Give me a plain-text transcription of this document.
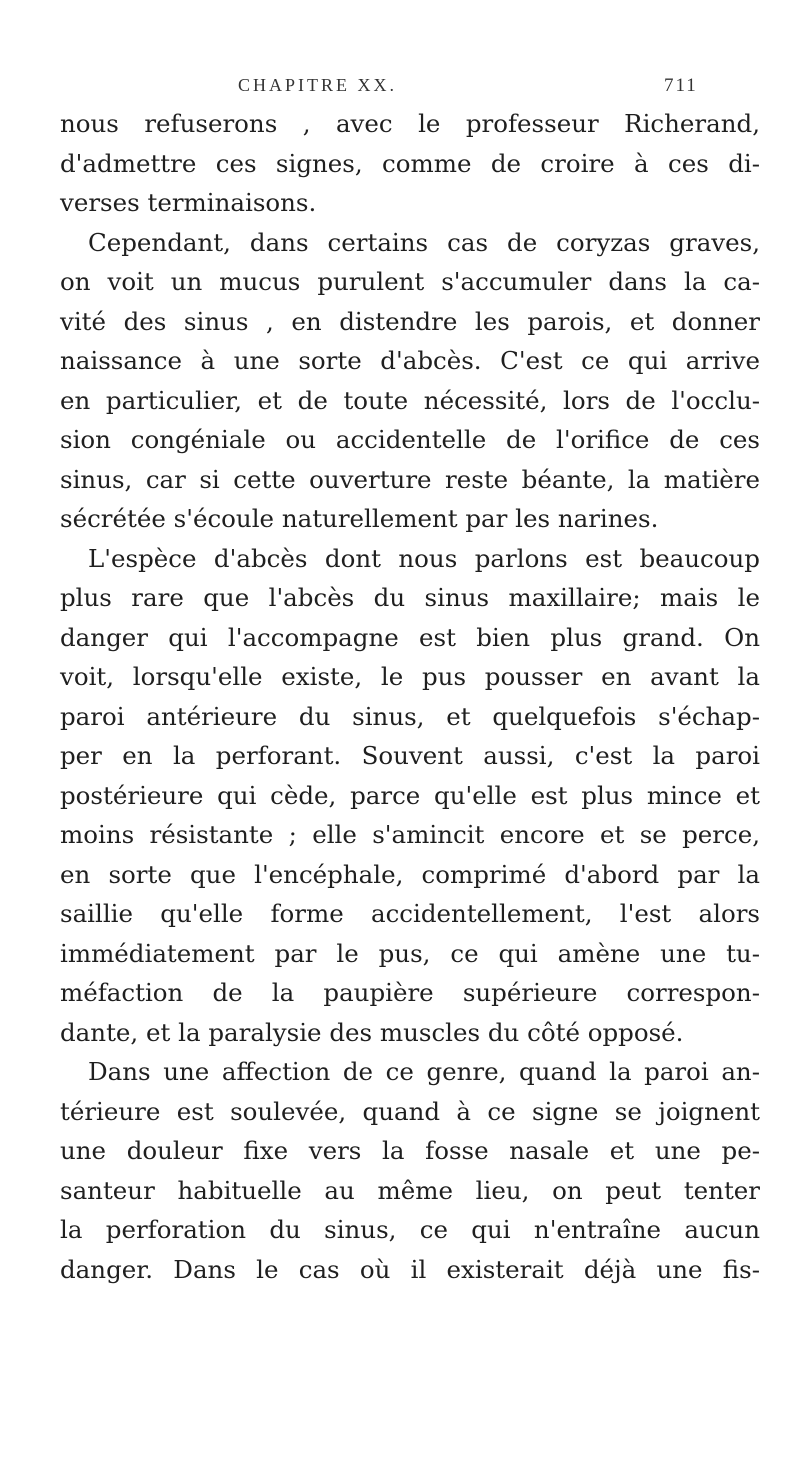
CHAPITRE XX.	711
nous refuserons , avec le professeur Richerand,
d'admettre ces signes, comme de croire à ces di-
verses terminaisons.
Cependant, dans certains cas de coryzas graves,
on voit un mucus purulent s'accumuler dans la ca-
vité des sinus , en distendre les parois, et donner
naissance à une sorte d'abcès. C'est ce qui arrive
en particulier, et de toute nécessité, lors de l'occlu-
sion congéniale ou accidentelle de l'orifice de ces
sinus, car si cette ouverture reste béante, la matière
sécrétée s'écoule naturellement par les narines.
L'espèce d'abcès dont nous parlons est beaucoup
plus rare que l'abcès du sinus maxillaire; mais le
danger qui l'accompagne est bien plus grand. On
voit, lorsqu'elle existe, le pus pousser en avant la
paroi antérieure du sinus, et quelquefois s'échap-
per en la perforant. Souvent aussi, c'est la paroi
postérieure qui cède, parce qu'elle est plus mince et
moins résistante ; elle s'amincit encore et se perce,
en sorte que l'encéphale, comprimé d'abord par la
saillie qu'elle forme accidentellement, l'est alors
immédiatement par le pus, ce qui amène une tu-
méfaction de la paupière supérieure correspon-
dante, et la paralysie des muscles du côté opposé.
Dans une affection de ce genre, quand la paroi an-
térieure est soulevée, quand à ce signe se joignent
une douleur fixe vers la fosse nasale et une pe-
santeur habituelle au même lieu, on peut tenter
la perforation du sinus, ce qui n'entraîne aucun
danger. Dans le cas où il existerait déjà une fis-
